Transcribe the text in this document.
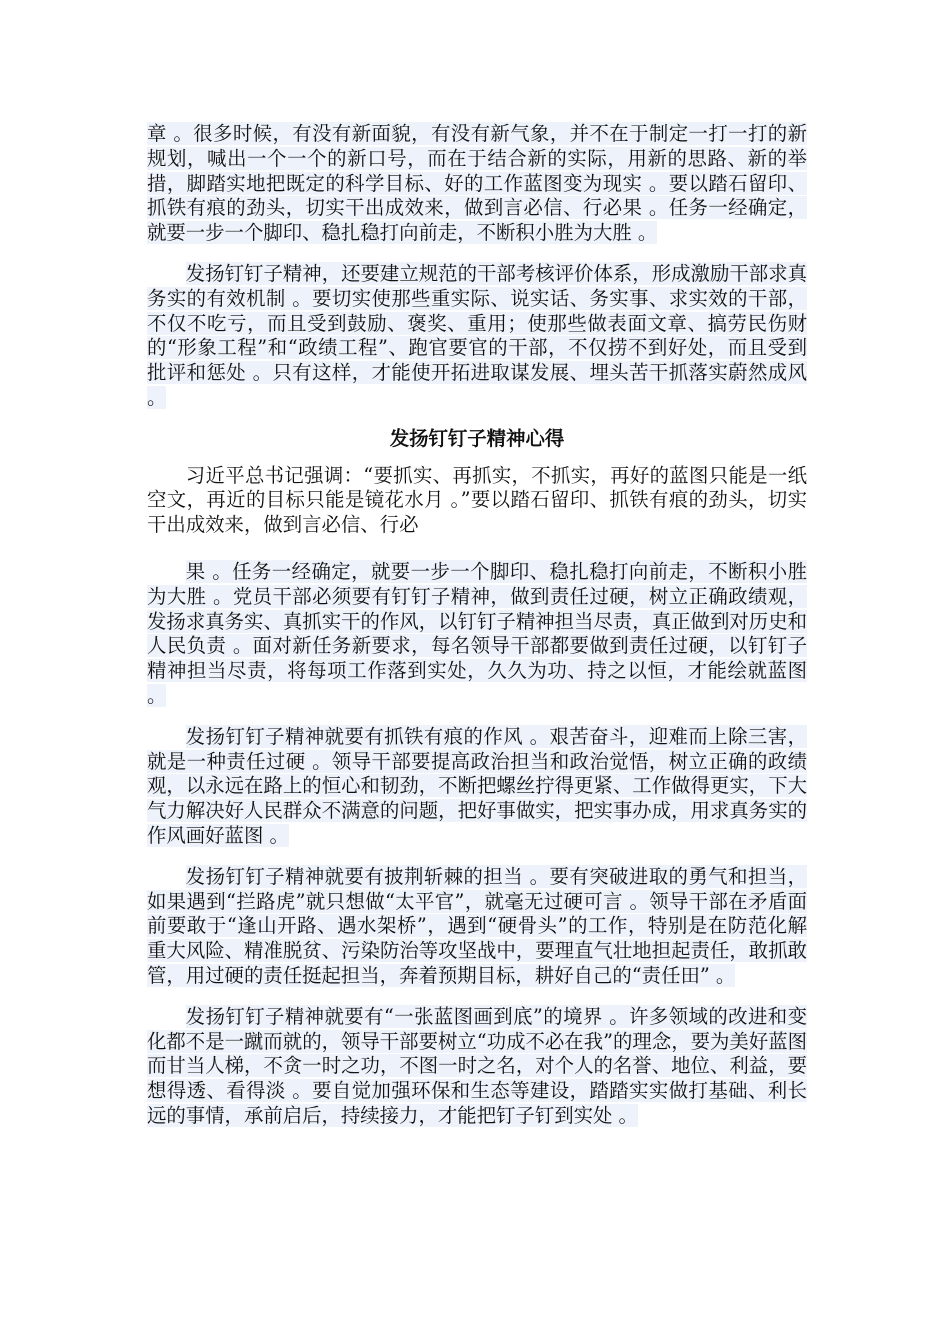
章 。很多时候，有没有新面貌，有没有新气象，并不在于制定一打一打的新规划，喊出一个一个的新口号，而在于结合新的实际，用新的思路、新的举措，脚踏实地把既定的科学目标、好的工作蓝图变为现实 。要以踏石留印、抓铁有痕的劲头，切实干出成效来，做到言必信、行必果 。任务一经确定，就要一步一个脚印、稳扎稳打向前走，不断积小胜为大胜 。

发扬钉钉子精神，还要建立规范的干部考核评价体系，形成激励干部求真务实的有效机制 。要切实使那些重实际、说实话、务实事、求实效的干部，不仅不吃亏，而且受到鼓励、褒奖、重用；使那些做表面文章、搞劳民伤财的“形象工程”和“政绩工程”、跑官要官的干部，不仅捞不到好处，而且受到批评和惩处 。只有这样，才能使开拓进取谋发展、埋头苦干抓落实蔚然成风 。

发扬钉钉子精神心得

习近平总书记强调：“要抓实、再抓实，不抓实，再好的蓝图只能是一纸空文，再近的目标只能是镜花水月 。”要以踏石留印、抓铁有痕的劲头，切实干出成效来，做到言必信、行必

果 。任务一经确定，就要一步一个脚印、稳扎稳打向前走，不断积小胜为大胜 。党员干部必须要有钉钉子精神，做到责任过硬，树立正确政绩观，发扬求真务实、真抓实干的作风，以钉钉子精神担当尽责，真正做到对历史和人民负责 。面对新任务新要求，每名领导干部都要做到责任过硬，以钉钉子精神担当尽责，将每项工作落到实处，久久为功、持之以恒，才能绘就蓝图 。

发扬钉钉子精神就要有抓铁有痕的作风 。艰苦奋斗，迎难而上除三害，就是一种责任过硬 。领导干部要提高政治担当和政治觉悟，树立正确的政绩观，以永远在路上的恒心和韧劲，不断把螺丝拧得更紧、工作做得更实，下大气力解决好人民群众不满意的问题，把好事做实，把实事办成，用求真务实的作风画好蓝图 。

发扬钉钉子精神就要有披荆斩棘的担当 。要有突破进取的勇气和担当，如果遇到“拦路虎”就只想做“太平官”，就毫无过硬可言 。领导干部在矛盾面前要敢于“逢山开路、遇水架桥”，遇到“硬骨头”的工作，特别是在防范化解重大风险、精准脱贫、污染防治等攻坚战中，要理直气壮地担起责任，敢抓敢管，用过硬的责任挺起担当，奔着预期目标，耕好自己的“责任田” 。

发扬钉钉子精神就要有“一张蓝图画到底”的境界 。许多领域的改进和变化都不是一蹴而就的，领导干部要树立“功成不必在我”的理念，要为美好蓝图而甘当人梯，不贪一时之功，不图一时之名，对个人的名誉、地位、利益，要想得透、看得淡 。要自觉加强环保和生态等建设，踏踏实实做打基础、利长远的事情，承前启后，持续接力，才能把钉子钉到实处 。
